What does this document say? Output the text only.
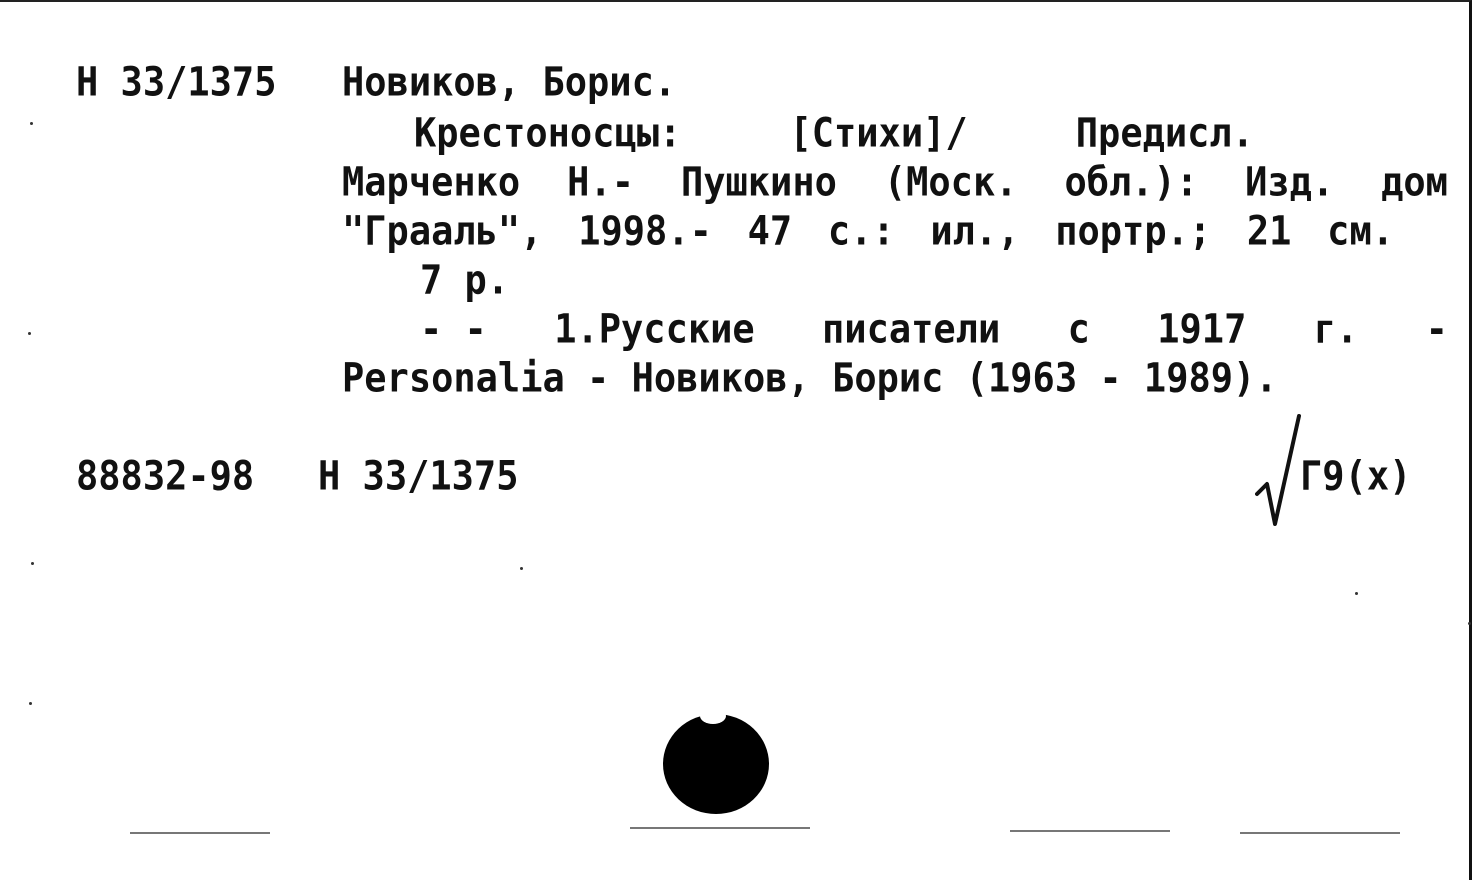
Н 33/1375 Новиков, Борис.
Крестоносцы:	[Стихи]/	Предисл.
Марченко Н.- Пушкино (Моск. обл.): Изд. дом
"Грааль", 1998.- 47 с.: ил., портр.; 21 см.
7 р.
- - 1.Русские писатели с 1917 г. -
Personalia - Новиков, Борис (1963 - 1989).
88832-98 Н 33/1375	Г9(х)
